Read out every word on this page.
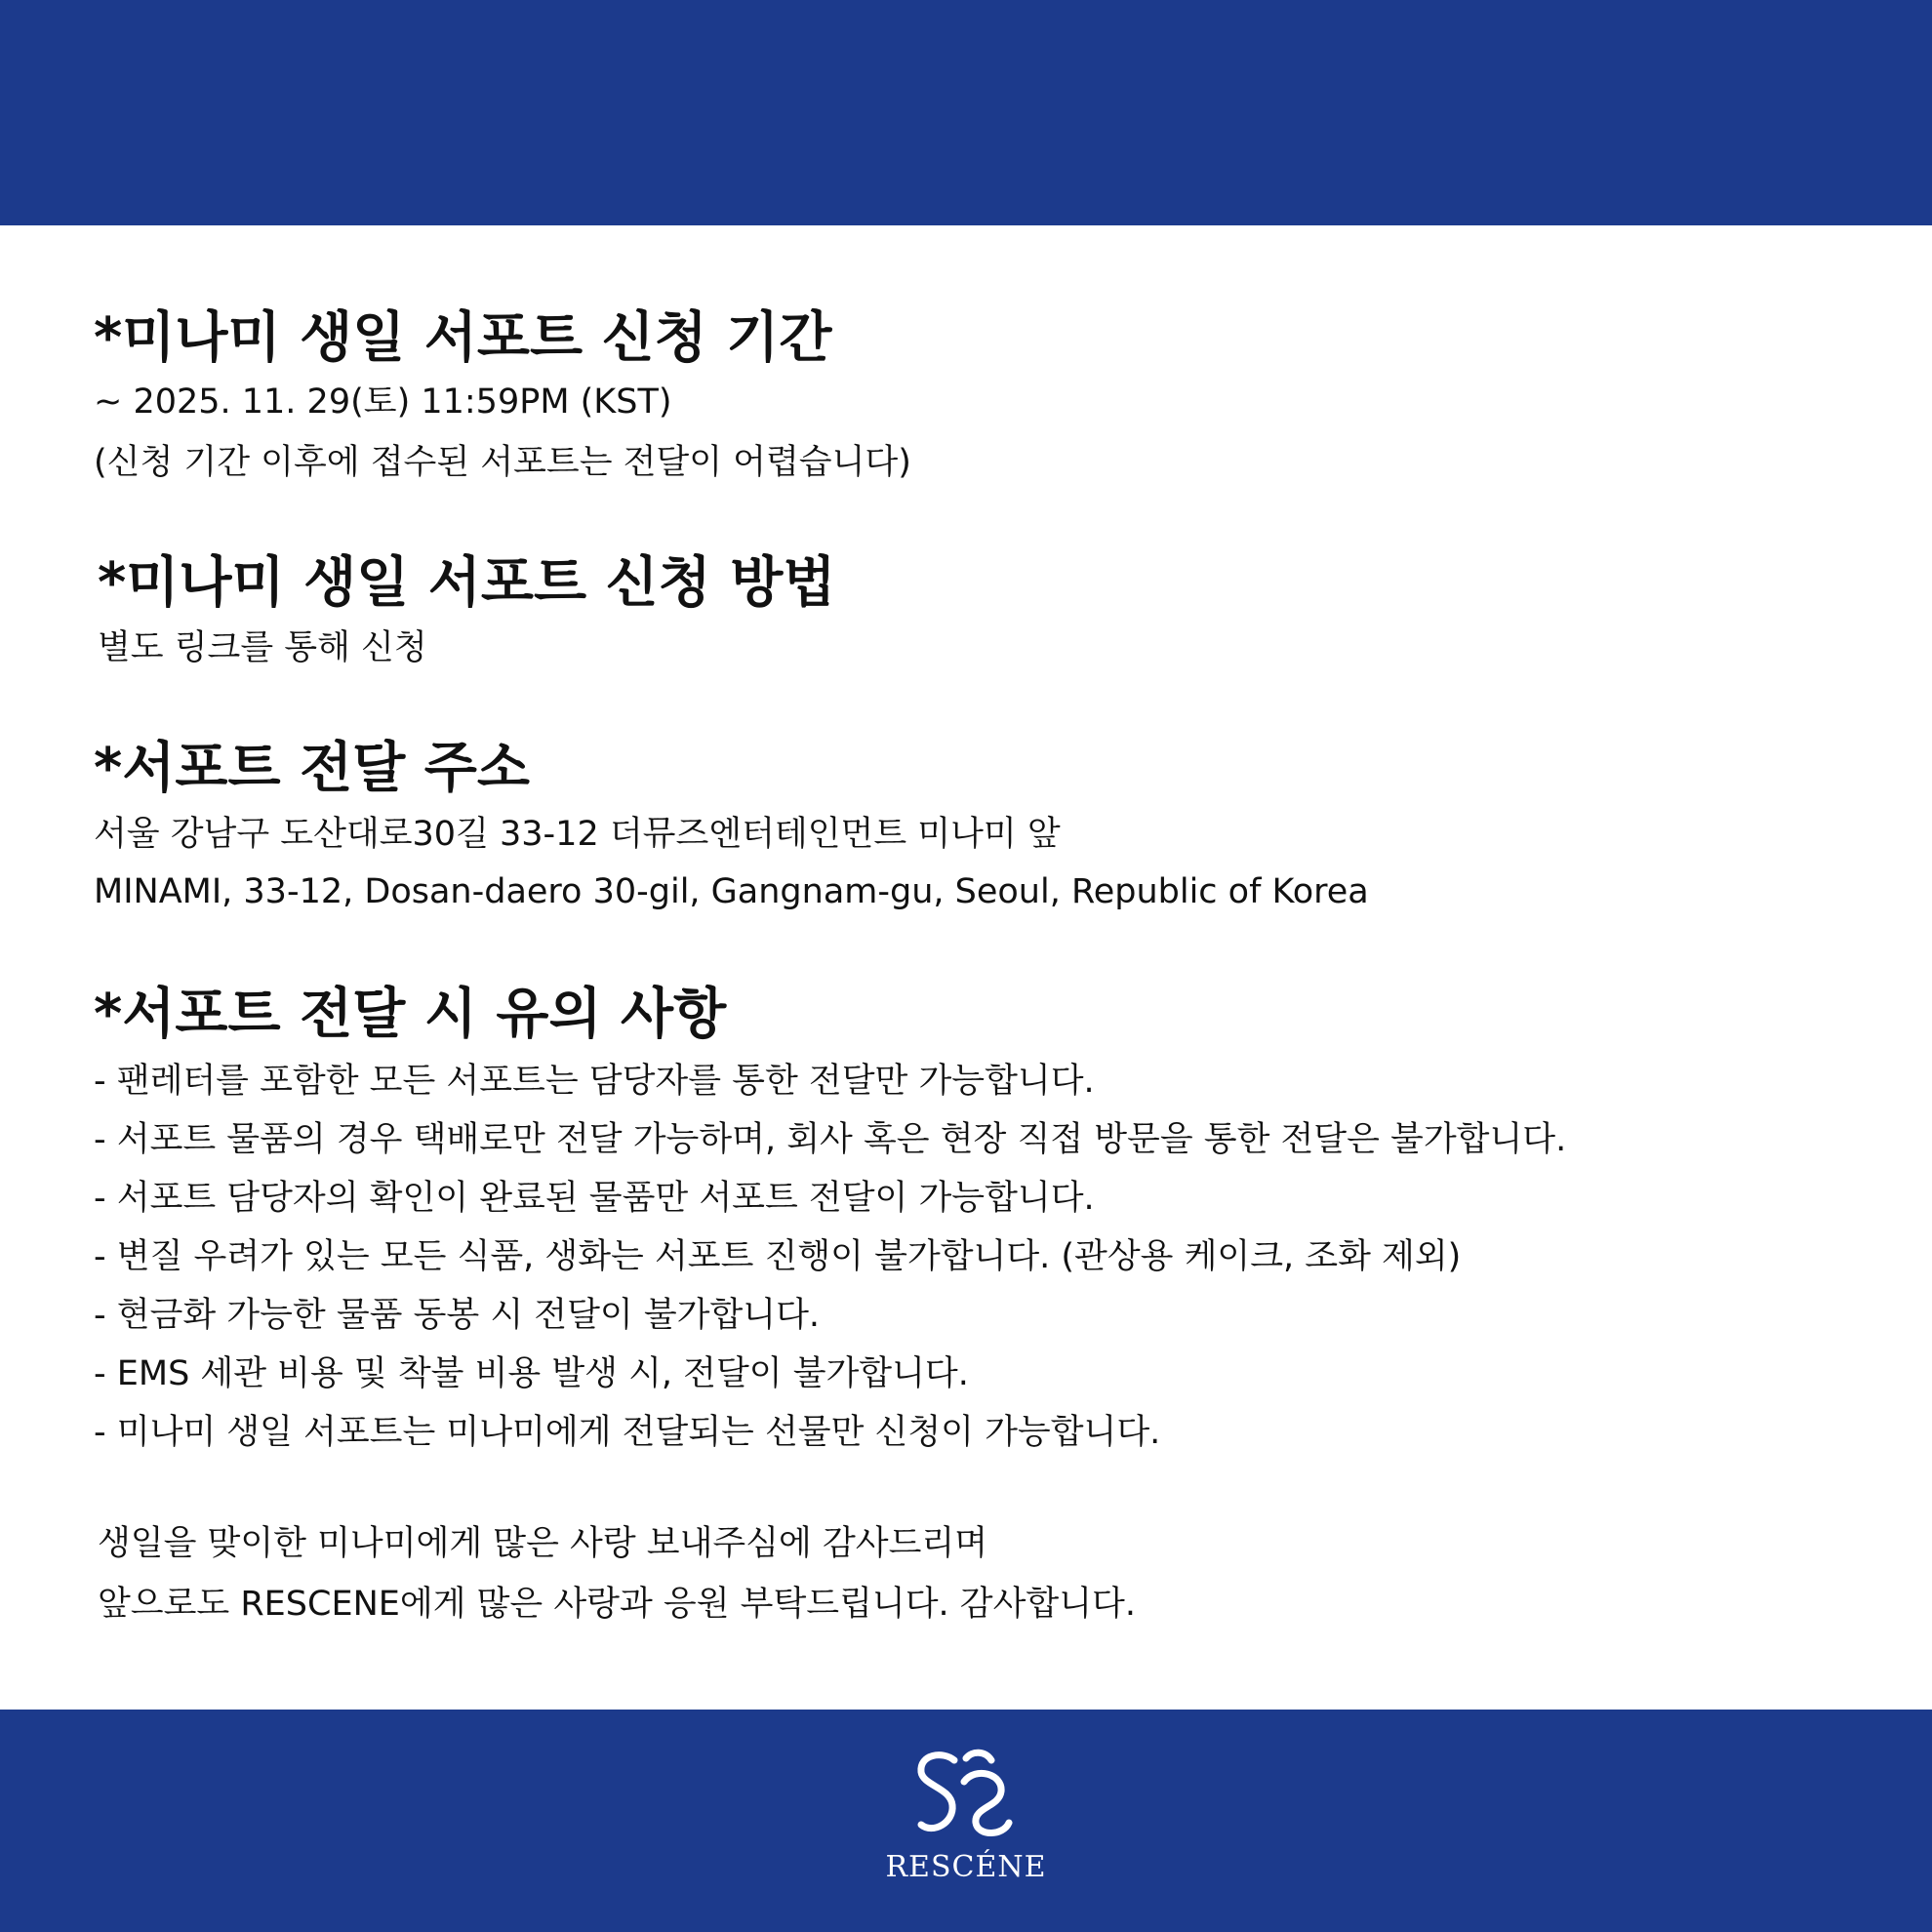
*미나미 생일 서포트 신청 기간
~ 2025. 11. 29(토) 11:59PM (KST)
(신청 기간 이후에 접수된 서포트는 전달이 어렵습니다)
*미나미 생일 서포트 신청 방법
별도 링크를 통해 신청
*서포트 전달 주소
서울 강남구 도산대로30길 33-12 더뮤즈엔터테인먼트 미나미 앞
MINAMI, 33-12, Dosan-daero 30-gil, Gangnam-gu, Seoul, Republic of Korea
*서포트 전달 시 유의 사항
- 팬레터를 포함한 모든 서포트는 담당자를 통한 전달만 가능합니다.
- 서포트 물품의 경우 택배로만 전달 가능하며, 회사 혹은 현장 직접 방문을 통한 전달은 불가합니다.
- 서포트 담당자의 확인이 완료된 물품만 서포트 전달이 가능합니다.
- 변질 우려가 있는 모든 식품, 생화는 서포트 진행이 불가합니다. (관상용 케이크, 조화 제외)
- 현금화 가능한 물품 동봉 시 전달이 불가합니다.
- EMS 세관 비용 및 착불 비용 발생 시, 전달이 불가합니다.
- 미나미 생일 서포트는 미나미에게 전달되는 선물만 신청이 가능합니다.
생일을 맞이한 미나미에게 많은 사랑 보내주심에 감사드리며
앞으로도 RESCENE에게 많은 사랑과 응원 부탁드립니다. 감사합니다.
RESCÉNE
